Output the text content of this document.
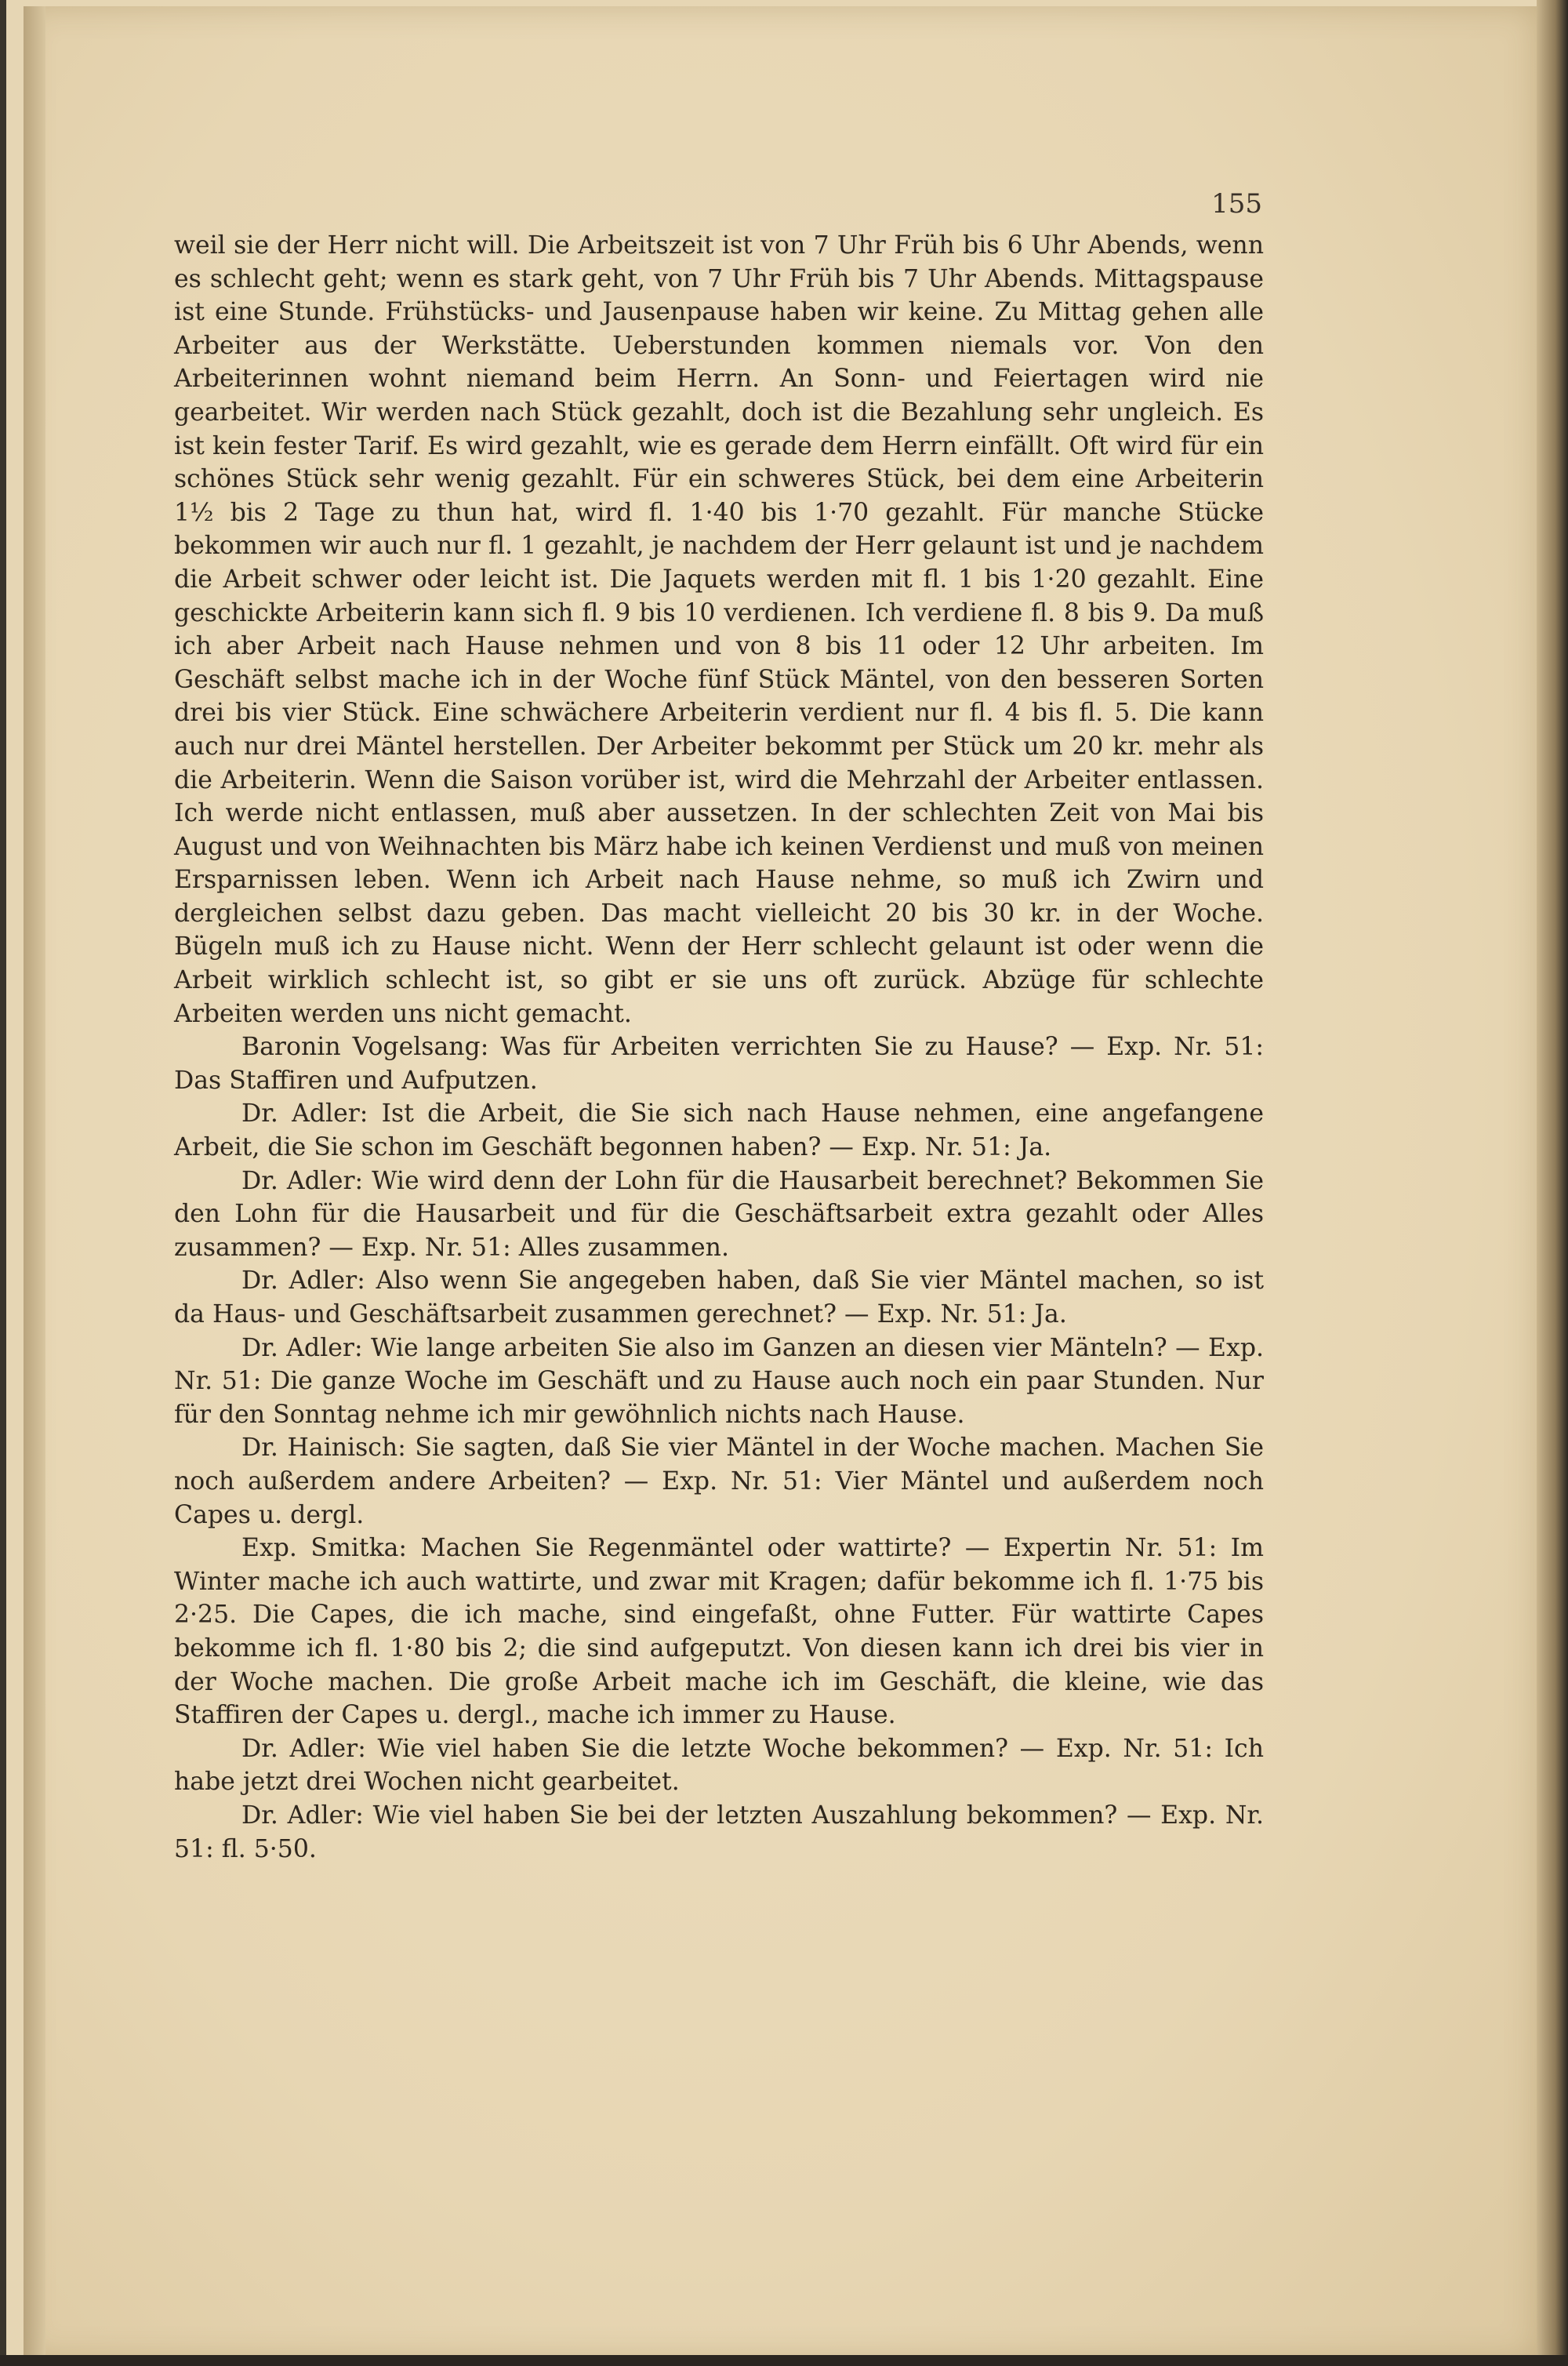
155

weil sie der Herr nicht will. Die Arbeitszeit ist von 7 Uhr Früh bis 6 Uhr Abends, wenn es schlecht geht; wenn es stark geht, von 7 Uhr Früh bis 7 Uhr Abends. Mittagspause ist eine Stunde. Frühstücks- und Jausenpause haben wir keine. Zu Mittag gehen alle Arbeiter aus der Werkstätte. Ueberstunden kommen niemals vor. Von den Arbeiterinnen wohnt niemand beim Herrn. An Sonn- und Feiertagen wird nie gearbeitet. Wir werden nach Stück gezahlt, doch ist die Bezahlung sehr ungleich. Es ist kein fester Tarif. Es wird gezahlt, wie es gerade dem Herrn einfällt. Oft wird für ein schönes Stück sehr wenig gezahlt. Für ein schweres Stück, bei dem eine Arbeiterin 1½ bis 2 Tage zu thun hat, wird fl. 1·40 bis 1·70 gezahlt. Für manche Stücke bekommen wir auch nur fl. 1 gezahlt, je nachdem der Herr gelaunt ist und je nachdem die Arbeit schwer oder leicht ist. Die Jaquets werden mit fl. 1 bis 1·20 gezahlt. Eine geschickte Arbeiterin kann sich fl. 9 bis 10 verdienen. Ich verdiene fl. 8 bis 9. Da muß ich aber Arbeit nach Hause nehmen und von 8 bis 11 oder 12 Uhr arbeiten. Im Geschäft selbst mache ich in der Woche fünf Stück Mäntel, von den besseren Sorten drei bis vier Stück. Eine schwächere Arbeiterin verdient nur fl. 4 bis fl. 5. Die kann auch nur drei Mäntel herstellen. Der Arbeiter bekommt per Stück um 20 kr. mehr als die Arbeiterin. Wenn die Saison vorüber ist, wird die Mehrzahl der Arbeiter entlassen. Ich werde nicht entlassen, muß aber aussetzen. In der schlechten Zeit von Mai bis August und von Weihnachten bis März habe ich keinen Verdienst und muß von meinen Ersparnissen leben. Wenn ich Arbeit nach Hause nehme, so muß ich Zwirn und dergleichen selbst dazu geben. Das macht vielleicht 20 bis 30 kr. in der Woche. Bügeln muß ich zu Hause nicht. Wenn der Herr schlecht gelaunt ist oder wenn die Arbeit wirklich schlecht ist, so gibt er sie uns oft zurück. Abzüge für schlechte Arbeiten werden uns nicht gemacht.

Baronin Vogelsang: Was für Arbeiten verrichten Sie zu Hause? — Exp. Nr. 51: Das Staffiren und Aufputzen.

Dr. Adler: Ist die Arbeit, die Sie sich nach Hause nehmen, eine angefangene Arbeit, die Sie schon im Geschäft begonnen haben? — Exp. Nr. 51: Ja.

Dr. Adler: Wie wird denn der Lohn für die Hausarbeit berechnet? Bekommen Sie den Lohn für die Hausarbeit und für die Geschäftsarbeit extra gezahlt oder Alles zusammen? — Exp. Nr. 51: Alles zusammen.

Dr. Adler: Also wenn Sie angegeben haben, daß Sie vier Mäntel machen, so ist da Haus- und Geschäftsarbeit zusammen gerechnet? — Exp. Nr. 51: Ja.

Dr. Adler: Wie lange arbeiten Sie also im Ganzen an diesen vier Mänteln? — Exp. Nr. 51: Die ganze Woche im Geschäft und zu Hause auch noch ein paar Stunden. Nur für den Sonntag nehme ich mir gewöhnlich nichts nach Hause.

Dr. Hainisch: Sie sagten, daß Sie vier Mäntel in der Woche machen. Machen Sie noch außerdem andere Arbeiten? — Exp. Nr. 51: Vier Mäntel und außerdem noch Capes u. dergl.

Exp. Smitka: Machen Sie Regenmäntel oder wattirte? — Expertin Nr. 51: Im Winter mache ich auch wattirte, und zwar mit Kragen; dafür bekomme ich fl. 1·75 bis 2·25. Die Capes, die ich mache, sind eingefaßt, ohne Futter. Für wattirte Capes bekomme ich fl. 1·80 bis 2; die sind aufgeputzt. Von diesen kann ich drei bis vier in der Woche machen. Die große Arbeit mache ich im Geschäft, die kleine, wie das Staffiren der Capes u. dergl., mache ich immer zu Hause.

Dr. Adler: Wie viel haben Sie die letzte Woche bekommen? — Exp. Nr. 51: Ich habe jetzt drei Wochen nicht gearbeitet.

Dr. Adler: Wie viel haben Sie bei der letzten Auszahlung bekommen? — Exp. Nr. 51: fl. 5·50.
